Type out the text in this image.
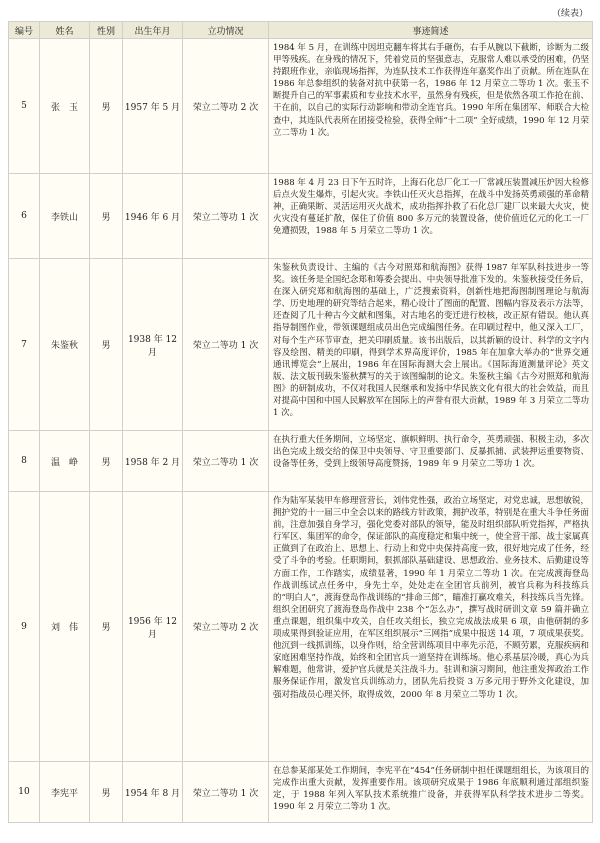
（续表）
编号	姓名	性别	出生年月	立功情况	事迹简述
5	张　玉	男	1957 年 5 月	荣立二等功 2 次	1984 年 5 月，在训练中因坦克翻车将其右手砸伤，右手从腕以下截断，诊断为二级甲等残疾。在身残的情况下，凭着党员的坚强意志，克服常人难以承受的困难，仍坚持跟班作业，亲临现场指挥，为连队技术工作获得连年嘉奖作出了贡献。所在连队在 1986 年总参组织的装备对抗中获第一名，1986 年 12 月荣立二等功 1 次。张玉不断提升自己的军事素质和专业技术水平，虽然身有残疾，但是依然各项工作抢在前、干在前，以自己的实际行动影响和带动全连官兵。1990 年所在集团军、师联合大检查中，其连队代表所在团接受检验，获得全师“十二项” 全好成绩，1990 年 12 月荣立二等功 1 次。
6	李铁山	男	1946 年 6 月	荣立二等功 1 次	1988 年 4 月 23 日下午五时许，上海石化总厂化工一厂常减压装置减压炉因大检修后点火发生爆炸，引起火灾。李铁山任灭火总指挥，在战斗中发扬英勇顽强的革命精神，正确果断、灵活运用灭火战术，成功指挥扑救了石化总厂建厂以来最大火灾，使火灾没有蔓延扩散，保住了价值 800 多万元的装置设备，使价值近亿元的化工一厂免遭损毁，1988 年 5 月荣立二等功 1 次。
7	朱鉴秋	男	1938 年 12 月	荣立二等功 1 次	朱鉴秋负责设计、主编的《古今对照郑和航海图》获得 1987 年军队科技进步一等奖。该任务是全国纪念郑和筹委会提出、中央领导批准下发的。朱鉴秋接受任务后，在深入研究郑和航海图的基础上，广泛搜索资料，创新性地把海图制图理论与航海学、历史地理的研究等结合起来，精心设计了图面的配置、图幅内容及表示方法等，还查阅了几十种古今文献和图集，对古地名的变迁进行校核，改正原有错误。他认真指导制图作业，带领课题组成员出色完成编图任务。在印刷过程中，他又深入工厂，对每个生产环节审查，把关印刷质量。该书出版后，以其新颖的设计、科学的文字内容及绘图、精美的印刷，得到学术界高度评价，1985 年在加拿大举办的“世界交通通讯博览会”上展出，1986 年在国际海测大会上展出。《国际海道测量评论》英文版、法文版刊载朱鉴秋撰写的关于该图编制的论文。朱鉴秋主编《古今对照郑和航海图》的研制成功，不仅对我国人民继承和发扬中华民族文化有很大的社会效益，而且对提高中国和中国人民解放军在国际上的声誉有很大贡献，1989 年 3 月荣立二等功 1 次。
8	温　峥	男	1958 年 2 月	荣立二等功 1 次	在执行重大任务期间，立场坚定、旗帜鲜明、执行命令，英勇顽强、积极主动，多次出色完成上级交给的保卫中央领导、守卫重要部门、反暴抓捕、武装押运重要物资、设备等任务，受到上级领导高度赞扬，1989 年 9 月荣立二等功 1 次。
9	刘　伟	男	1956 年 12 月	荣立二等功 2 次	作为陆军某装甲车修理营营长，刘伟党性强，政治立场坚定，对党忠诚，思想敏锐，拥护党的十一届三中全会以来的路线方针政策，拥护改革，特别是在重大斗争任务面前，注意加强自身学习，强化党委对部队的领导，能及时组织部队听党指挥，严格执行军区、集团军的命令，保证部队的高度稳定和集中统一，使全营干部、战士家属真正做到了在政治上、思想上、行动上和党中央保持高度一致，很好地完成了任务，经受了斗争的考验。任职期间，狠抓部队基础建设、思想政治、业务技术、后勤建设等方面工作，工作踏实，成绩显著，1990 年 1 月荣立二等功 1 次。在完成渡海登岛作战训练试点任务中，身先士卒，处处走在全团官兵前列，被官兵称为科技练兵的“明白人”，渡海登岛作战训练的“排命三郎”，瞄准打赢攻难关，科技练兵当先锋。组织全团研究了渡海登岛作战中 238 个“怎么办”，撰写战时研训文章 59 篇并确立重点课题，组织集中攻关，自任攻关组长，独立完成战法成果 6 项，由他研制的多项成果得到验证应用，在军区组织展示“三网指”成果中报送 14 项，7 项成果获奖。他沉到一线抓训练，以身作则，给全营训练项目中率先示范，不顾劳累，克服疾病和家庭困难坚持作战，始终和全团官兵一道坚持在训练场。他心系基层冷暖，真心为兵解难题，他常讲，爱护官兵就是关注战斗力。驻训和演习期间，他注重发挥政治工作服务保证作用，激发官兵训练动力，团队先后投资 3 万多元用于野外文化建设，加强对指战员心理关怀，取得成效，2000 年 8 月荣立二等功 1 次。
10	李宪平	男	1954 年 8 月	荣立二等功 1 次	在总参某部某处工作期间，李宪平在“454”任务研制中担任课题组组长，为该项目的完成作出重大贡献，发挥重要作用。该项研究成果于 1986 年底顺利通过部组织鉴定，于 1988 年列入军队技术系统推广设备，并获得军队科学技术进步二等奖。1990 年 2 月荣立二等功 1 次。
